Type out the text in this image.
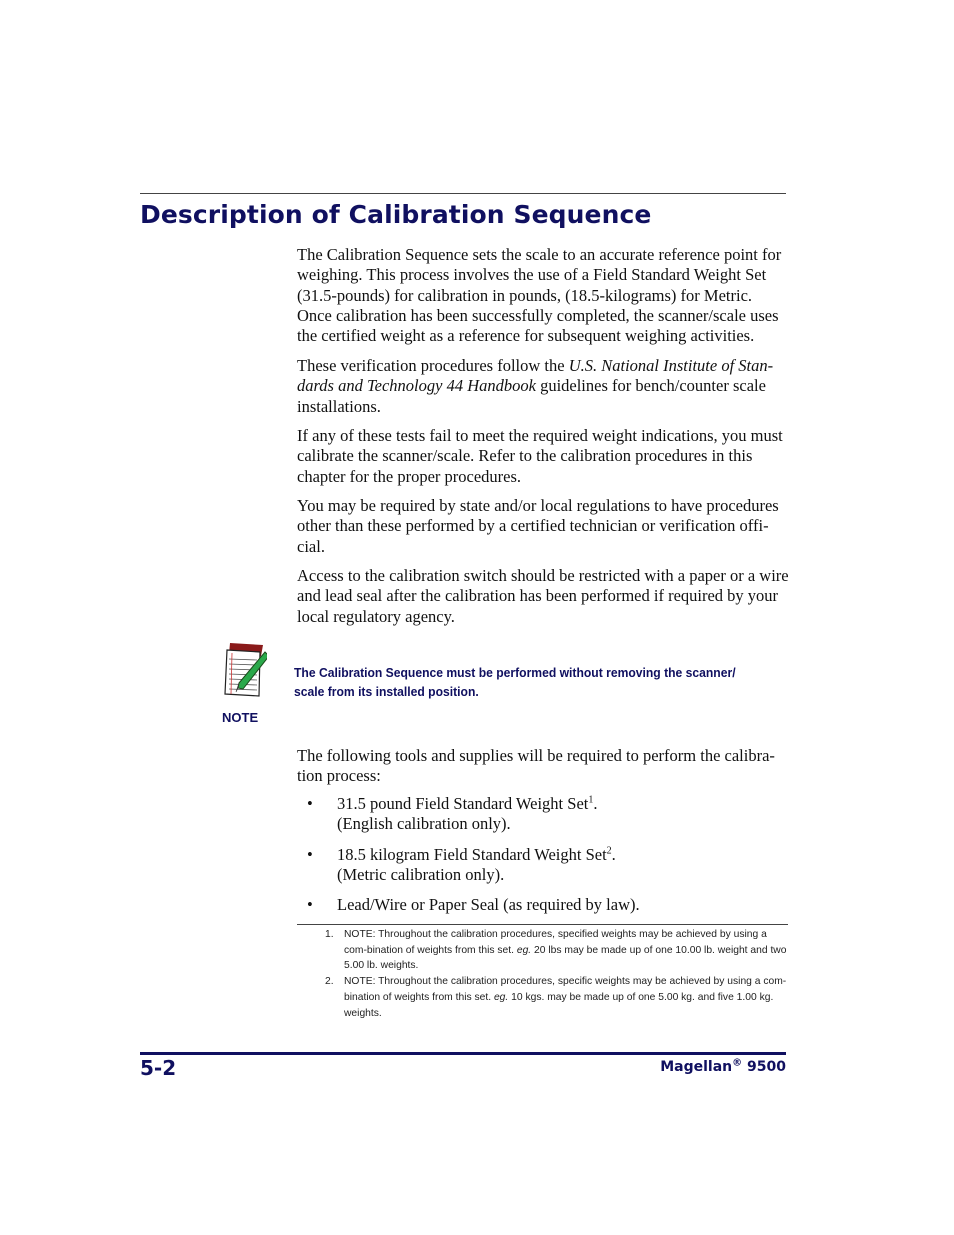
Description of Calibration Sequence

The Calibration Sequence sets the scale to an accurate reference point for weighing. This process involves the use of a Field Standard Weight Set (31.5-pounds) for calibration in pounds, (18.5-kilograms) for Metric. Once calibration has been successfully completed, the scanner/scale uses the certified weight as a reference for subsequent weighing activities.

These verification procedures follow the U.S. National Institute of Stan-dards and Technology 44 Handbook guidelines for bench/counter scale installations.

If any of these tests fail to meet the required weight indications, you must calibrate the scanner/scale. Refer to the calibration procedures in this chapter for the proper procedures.

You may be required by state and/or local regulations to have procedures other than these performed by a certified technician or verification offi-cial.

Access to the calibration switch should be restricted with a paper or a wire and lead seal after the calibration has been performed if required by your local regulatory agency.

The Calibration Sequence must be performed without removing the scanner/ scale from its installed position.
NOTE

The following tools and supplies will be required to perform the calibra-tion process:

• 31.5 pound Field Standard Weight Set$^1$.
(English calibration only).
• 18.5 kilogram Field Standard Weight Set$^2$.
(Metric calibration only).
• Lead/Wire or Paper Seal (as required by law).
1. NOTE: Throughout the calibration procedures, specified weights may be achieved by using a com-bination of weights from this set. eg. 20 lbs may be made up of one 10.00 lb. weight and two 5.00 lb. weights.
2. NOTE: Throughout the calibration procedures, specific weights may be achieved by using a com-bination of weights from this set. eg. 10 kgs. may be made up of one 5.00 kg. and five 1.00 kg. weights.
5-2	Magellan® 9500
